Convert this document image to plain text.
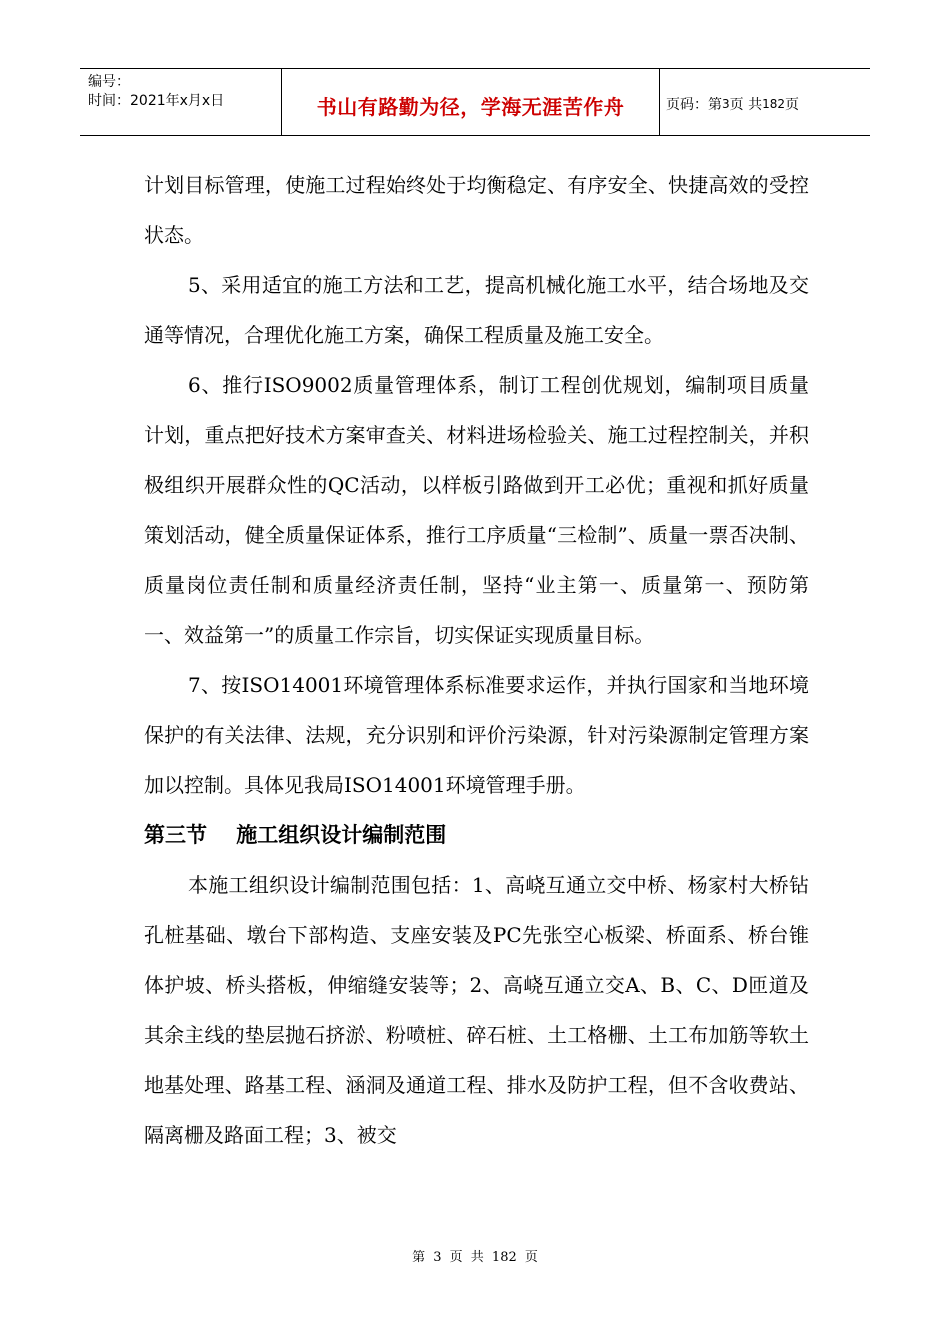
编号：
时间：2021年x月x日	书山有路勤为径，学海无涯苦作舟	页码：第 3 页 共 182 页

计划目标管理，使施工过程始终处于均衡稳定、有序安全、快捷高效的受控状态。

5、采用适宜的施工方法和工艺，提高机械化施工水平，结合场地及交通等情况，合理优化施工方案，确保工程质量及施工安全。

6、推行ISO9002质量管理体系，制订工程创优规划，编制项目质量计划，重点把好技术方案审查关、材料进场检验关、施工过程控制关，并积极组织开展群众性的QC活动，以样板引路做到开工必优；重视和抓好质量策划活动，健全质量保证体系，推行工序质量“三检制”、质量一票否决制、质量岗位责任制和质量经济责任制，坚持“业主第一、质量第一、预防第一、效益第一”的质量工作宗旨，切实保证实现质量目标。

7、按ISO14001环境管理体系标准要求运作，并执行国家和当地环境保护的有关法律、法规，充分识别和评价污染源，针对污染源制定管理方案加以控制。具体见我局ISO14001环境管理手册。

第三节    施工组织设计编制范围

本施工组织设计编制范围包括：1、高峣互通立交中桥、杨家村大桥钻孔桩基础、墩台下部构造、支座安装及PC先张空心板梁、桥面系、桥台锥体护坡、桥头搭板，伸缩缝安装等；2、高峣互通立交A、B、C、D匝道及其余主线的垫层抛石挤淤、粉喷桩、碎石桩、土工格栅、土工布加筋等软土地基处理、路基工程、涵洞及通道工程、排水及防护工程，但不含收费站、隔离栅及路面工程；3、被交

第 3 页 共 182 页
